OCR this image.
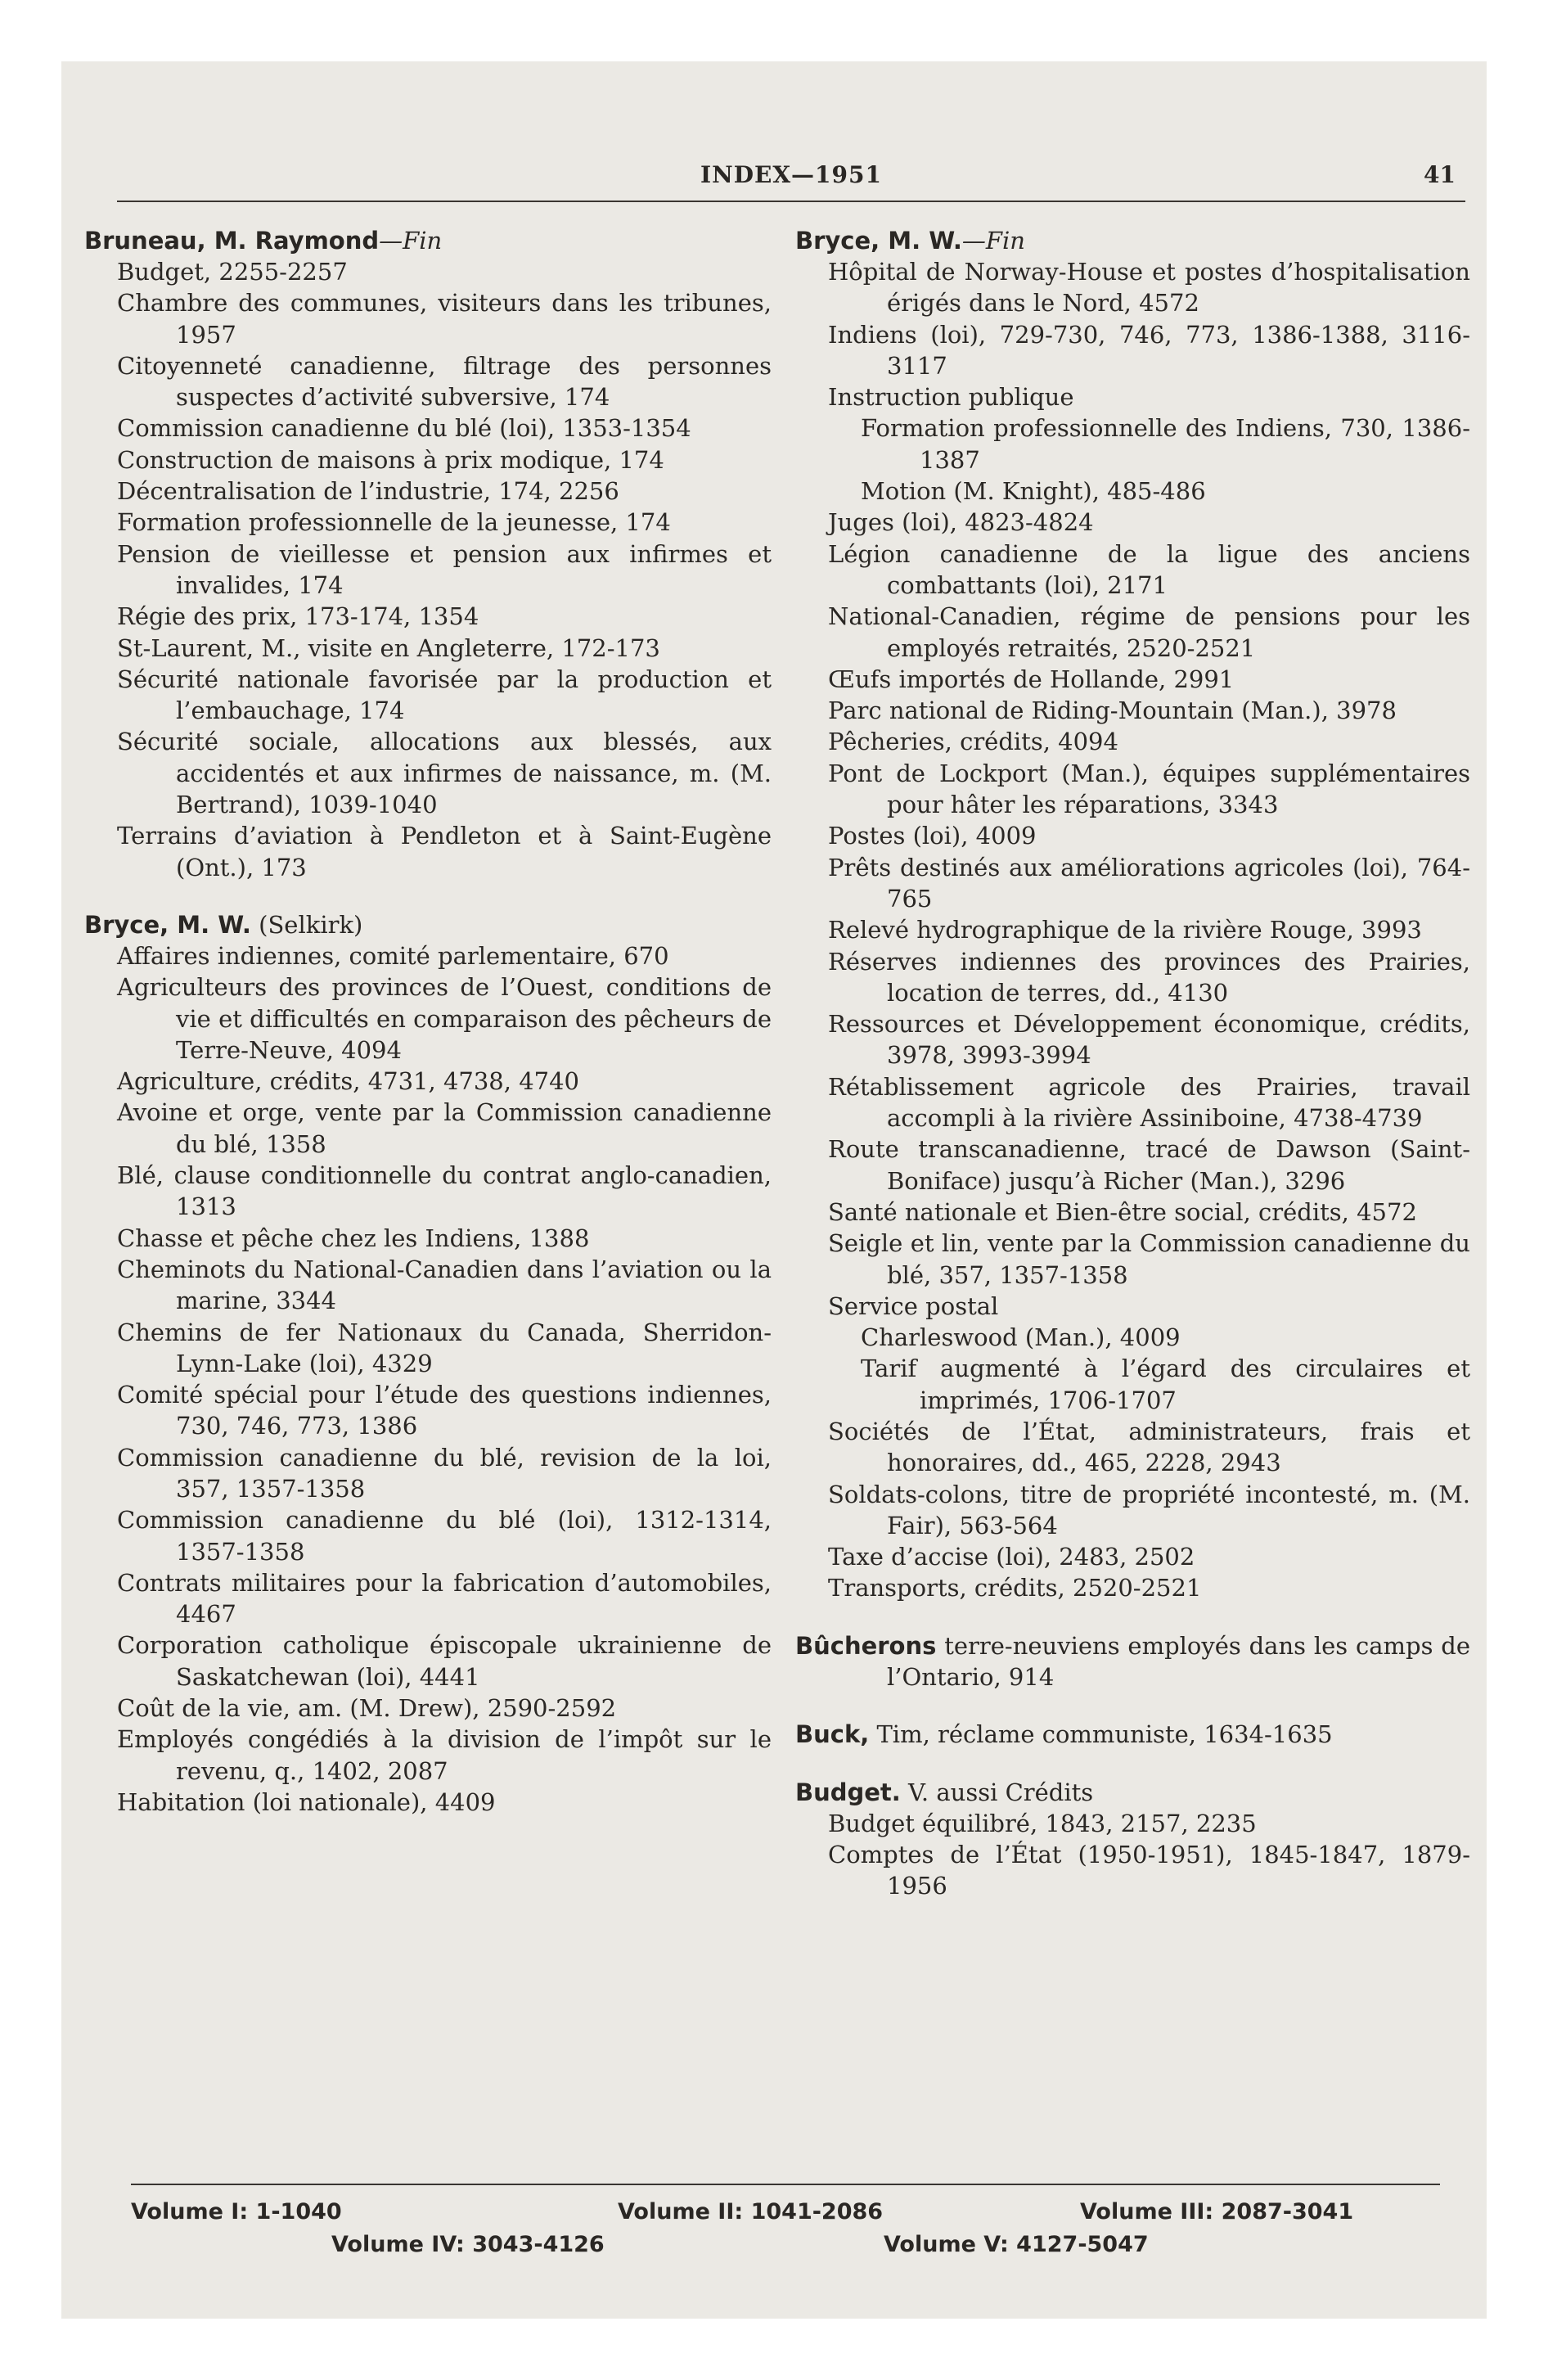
INDEX—1951	41
Bruneau, M. Raymond—Fin
Budget, 2255-2257
Chambre des communes, visiteurs dans les tribunes, 1957
Citoyenneté canadienne, filtrage des personnes suspectes d’activité subversive, 174
Commission canadienne du blé (loi), 1353-1354
Construction de maisons à prix modique, 174
Décentralisation de l’industrie, 174, 2256
Formation professionnelle de la jeunesse, 174
Pension de vieillesse et pension aux infirmes et invalides, 174
Régie des prix, 173-174, 1354
St-Laurent, M., visite en Angleterre, 172-173
Sécurité nationale favorisée par la production et l’embauchage, 174
Sécurité sociale, allocations aux blessés, aux accidentés et aux infirmes de naissance, m. (M. Bertrand), 1039-1040
Terrains d’aviation à Pendleton et à Saint-Eugène (Ont.), 173
Bryce, M. W. (Selkirk)
Affaires indiennes, comité parlementaire, 670
Agriculteurs des provinces de l’Ouest, conditions de vie et difficultés en comparaison des pêcheurs de Terre-Neuve, 4094
Agriculture, crédits, 4731, 4738, 4740
Avoine et orge, vente par la Commission canadienne du blé, 1358
Blé, clause conditionnelle du contrat anglo-canadien, 1313
Chasse et pêche chez les Indiens, 1388
Cheminots du National-Canadien dans l’aviation ou la marine, 3344
Chemins de fer Nationaux du Canada, Sherridon-Lynn-Lake (loi), 4329
Comité spécial pour l’étude des questions indiennes, 730, 746, 773, 1386
Commission canadienne du blé, revision de la loi, 357, 1357-1358
Commission canadienne du blé (loi), 1312-1314, 1357-1358
Contrats militaires pour la fabrication d’automobiles, 4467
Corporation catholique épiscopale ukrainienne de Saskatchewan (loi), 4441
Coût de la vie, am. (M. Drew), 2590-2592
Employés congédiés à la division de l’impôt sur le revenu, q., 1402, 2087
Habitation (loi nationale), 4409
Bryce, M. W.—Fin
Hôpital de Norway-House et postes d’hospitalisation érigés dans le Nord, 4572
Indiens (loi), 729-730, 746, 773, 1386-1388, 3116-3117
Instruction publique
Formation professionnelle des Indiens, 730, 1386-1387
Motion (M. Knight), 485-486
Juges (loi), 4823-4824
Légion canadienne de la ligue des anciens combattants (loi), 2171
National-Canadien, régime de pensions pour les employés retraités, 2520-2521
Œufs importés de Hollande, 2991
Parc national de Riding-Mountain (Man.), 3978
Pêcheries, crédits, 4094
Pont de Lockport (Man.), équipes supplémentaires pour hâter les réparations, 3343
Postes (loi), 4009
Prêts destinés aux améliorations agricoles (loi), 764-765
Relevé hydrographique de la rivière Rouge, 3993
Réserves indiennes des provinces des Prairies, location de terres, dd., 4130
Ressources et Développement économique, crédits, 3978, 3993-3994
Rétablissement agricole des Prairies, travail accompli à la rivière Assiniboine, 4738-4739
Route transcanadienne, tracé de Dawson (Saint-Boniface) jusqu’à Richer (Man.), 3296
Santé nationale et Bien-être social, crédits, 4572
Seigle et lin, vente par la Commission canadienne du blé, 357, 1357-1358
Service postal
Charleswood (Man.), 4009
Tarif augmenté à l’égard des circulaires et imprimés, 1706-1707
Sociétés de l’État, administrateurs, frais et honoraires, dd., 465, 2228, 2943
Soldats-colons, titre de propriété incontesté, m. (M. Fair), 563-564
Taxe d’accise (loi), 2483, 2502
Transports, crédits, 2520-2521
Bûcherons terre-neuviens employés dans les camps de l’Ontario, 914
Buck, Tim, réclame communiste, 1634-1635
Budget. V. aussi Crédits
Budget équilibré, 1843, 2157, 2235
Comptes de l’État (1950-1951), 1845-1847, 1879-1956
Volume I: 1-1040	Volume II: 1041-2086	Volume III: 2087-3041
Volume IV: 3043-4126	Volume V: 4127-5047
